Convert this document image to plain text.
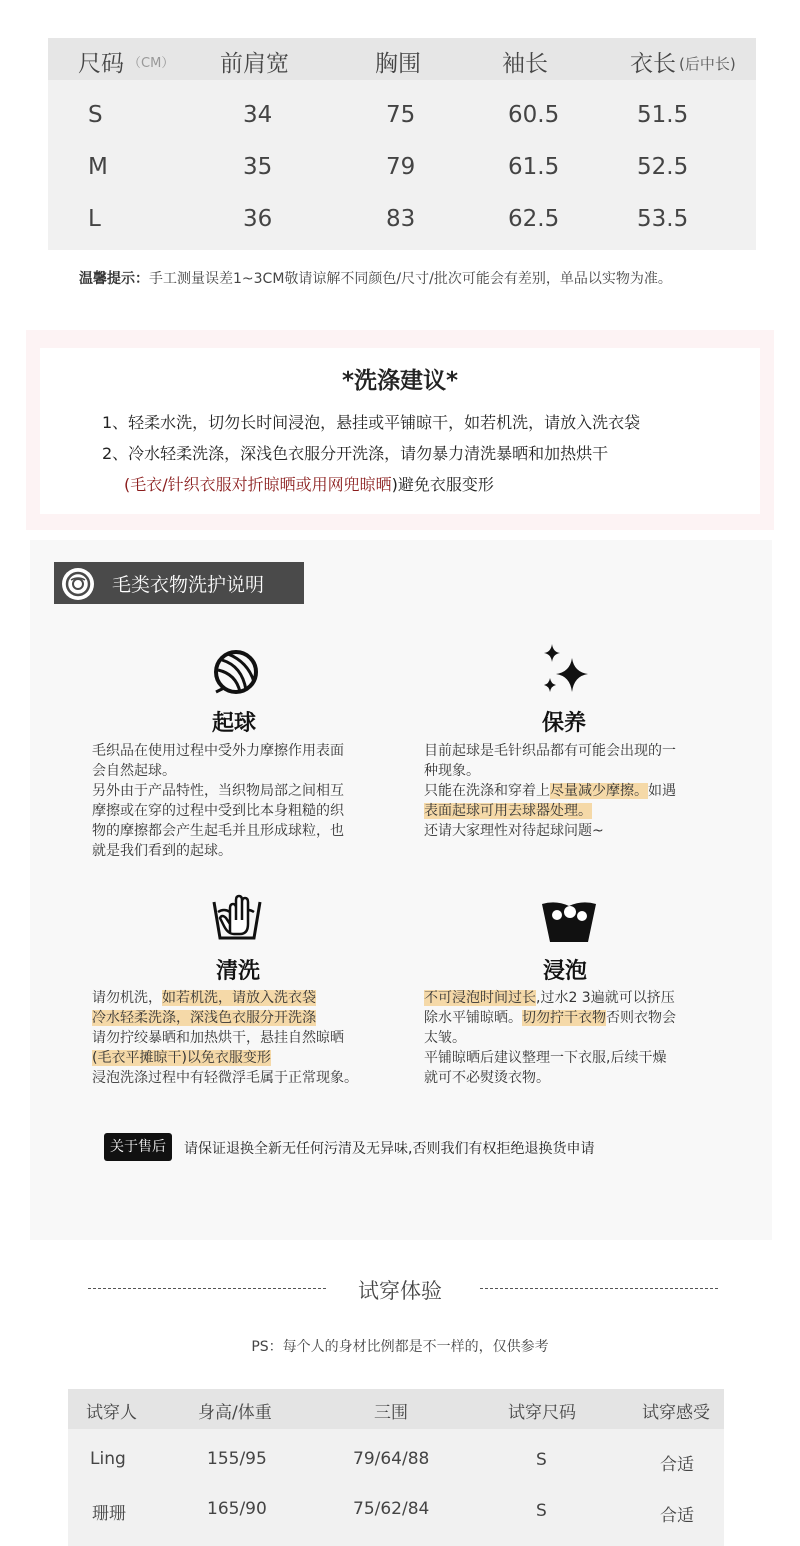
尺码 （CM） 前肩宽	胸围	袖长	衣长 (后中长)
S	34	75	60.5	51.5
M	35	79	61.5	52.5
L	36	83	62.5	53.5
温馨提示：手工测量误差1~3CM敬请谅解不同颜色/尺寸/批次可能会有差别，单品以实物为准。
*洗涤建议*
1、轻柔水洗，切勿长时间浸泡，悬挂或平铺晾干，如若机洗，请放入洗衣袋
2、冷水轻柔洗涤，深浅色衣服分开洗涤，请勿暴力清洗暴晒和加热烘干
(毛衣/针织衣服对折晾晒或用网兜晾晒)避免衣服变形
毛类衣物洗护说明
起球

毛织品在使用过程中受外力摩擦作用表面

会自然起球。

另外由于产品特性，当织物局部之间相互

摩擦或在穿的过程中受到比本身粗糙的织

物的摩擦都会产生起毛并且形成球粒，也

就是我们看到的起球。

保养

目前起球是毛针织品都有可能会出现的一

种现象。

只能在洗涤和穿着上尽量减少摩擦。如遇

表面起球可用去球器处理。

还请大家理性对待起球问题~

清洗

请勿机洗，如若机洗，请放入洗衣袋

冷水轻柔洗涤，深浅色衣服分开洗涤

请勿拧绞暴晒和加热烘干，悬挂自然晾晒

(毛衣平摊晾干)以免衣服变形

浸泡洗涤过程中有轻微浮毛属于正常现象。

浸泡

不可浸泡时间过长,过水2 3遍就可以挤压

除水平铺晾晒。切勿拧干衣物否则衣物会

太皱。

平铺晾晒后建议整理一下衣服,后续干燥

就可不必熨烫衣物。

关于售后	请保证退换全新无任何污清及无异味,否则我们有权拒绝退换货申请
试穿体验
PS：每个人的身材比例都是不一样的，仅供参考
试穿人	身高/体重	三围	试穿尺码	试穿感受
Ling	155/95	79/64/88	S	合适
珊珊	165/90	75/62/84	S	合适
